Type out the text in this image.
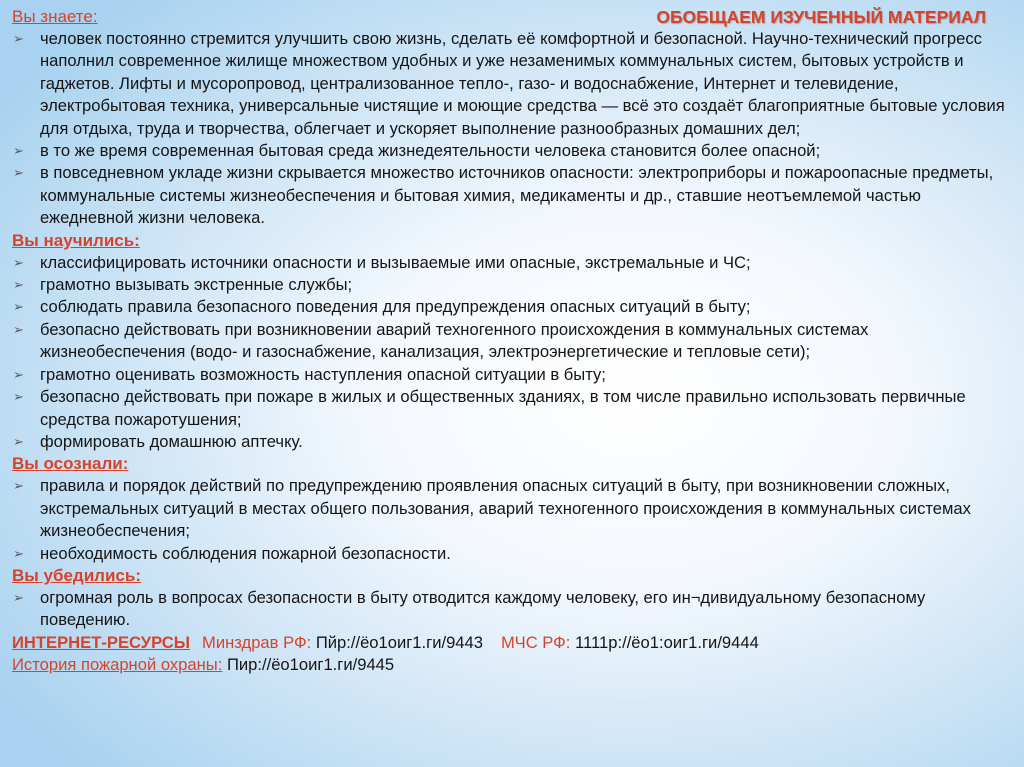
Вы знаете:	ОБОБЩАЕМ ИЗУЧЕННЫЙ МАТЕРИАЛ
➢ человек постоянно стремится улучшить свою жизнь, сделать её комфортной и безопасной. Научно-технический прогресс наполнил современное жилище множеством удобных и уже незаменимых коммунальных систем, бытовых устройств и гаджетов. Лифты и мусоропровод, централизованное тепло-, газо- и водоснабжение, Интернет и телевидение, электробытовая техника, универсальные чистящие и моющие средства — всё это создаёт благоприятные бытовые условия для отдыха, труда и творчества, облегчает и ускоряет выполнение разнообразных домашних дел;
➢ в то же время современная бытовая среда жизнедеятельности человека становится более опасной;
➢ в повседневном укладе жизни скрывается множество источников опасности: электроприборы и пожароопасные предметы, коммунальные системы жизнеобеспечения и бытовая химия, медикаменты и др., ставшие неотъемлемой частью ежедневной жизни человека.
Вы научились:
➢ классифицировать источники опасности и вызываемые ими опасные, экстремальные и ЧС;
➢ грамотно вызывать экстренные службы;
➢ соблюдать правила безопасного поведения для предупреждения опасных ситуаций в быту;
➢ безопасно действовать при возникновении аварий техногенного происхождения в коммунальных системах жизнеобеспечения (водо- и газоснабжение, канализация, электроэнергетические и тепловые сети);
➢ грамотно оценивать возможность наступления опасной ситуации в быту;
➢ безопасно действовать при пожаре в жилых и общественных зданиях, в том числе правильно использовать первичные средства пожаротушения;
➢ формировать домашнюю аптечку.
Вы осознали:
➢ правила и порядок действий по предупреждению проявления опасных ситуаций в быту, при возникновении сложных, экстремальных ситуаций в местах общего пользования, аварий техногенного происхождения в коммунальных системах жизнеобеспечения;
➢ необходимость соблюдения пожарной безопасности.
Вы убедились:
➢ огромная роль в вопросах безопасности в быту отводится каждому человеку, его ин¬дивидуальному безопасному поведению.
ИНТЕРНЕТ-РЕСУРСЫ Минздрав РФ: Пйр://ёо1оиг1.ги/9443 МЧС РФ: 1111р://ёо1:оиг1.ги/9444
История пожарной охраны: Пир://ёо1оиг1.ги/9445
